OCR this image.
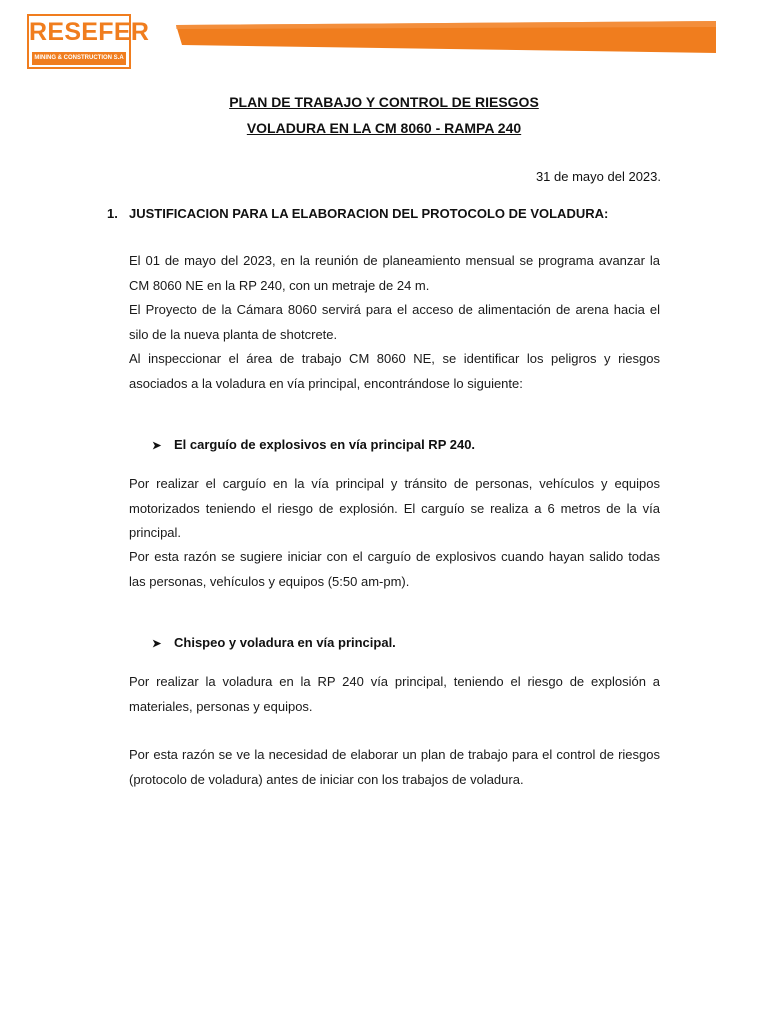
RESEFER
MINING & CONSTRUCTION S.A
PLAN DE TRABAJO Y CONTROL DE RIESGOS
VOLADURA EN LA CM 8060 - RAMPA 240
31 de mayo del 2023.
1. JUSTIFICACION PARA LA ELABORACION DEL PROTOCOLO DE VOLADURA:
El 01 de mayo del 2023, en la reunión de planeamiento mensual se programa avanzar la CM 8060 NE en la RP 240, con un metraje de 24 m.
El Proyecto de la Cámara 8060 servirá para el acceso de alimentación de arena hacia el silo de la nueva planta de shotcrete.
Al inspeccionar el área de trabajo CM 8060 NE, se identificar los peligros y riesgos asociados a la voladura en vía principal, encontrándose lo siguiente:
➤ El carguío de explosivos en vía principal RP 240.
Por realizar el carguío en la vía principal y tránsito de personas, vehículos y equipos motorizados teniendo el riesgo de explosión. El carguío se realiza a 6 metros de la vía principal.
Por esta razón se sugiere iniciar con el carguío de explosivos cuando hayan salido todas las personas, vehículos y equipos (5:50 am-pm).
➤ Chispeo y voladura en vía principal.
Por realizar la voladura en la RP 240 vía principal, teniendo el riesgo de explosión a materiales, personas y equipos.
Por esta razón se ve la necesidad de elaborar un plan de trabajo para el control de riesgos (protocolo de voladura) antes de iniciar con los trabajos de voladura.
